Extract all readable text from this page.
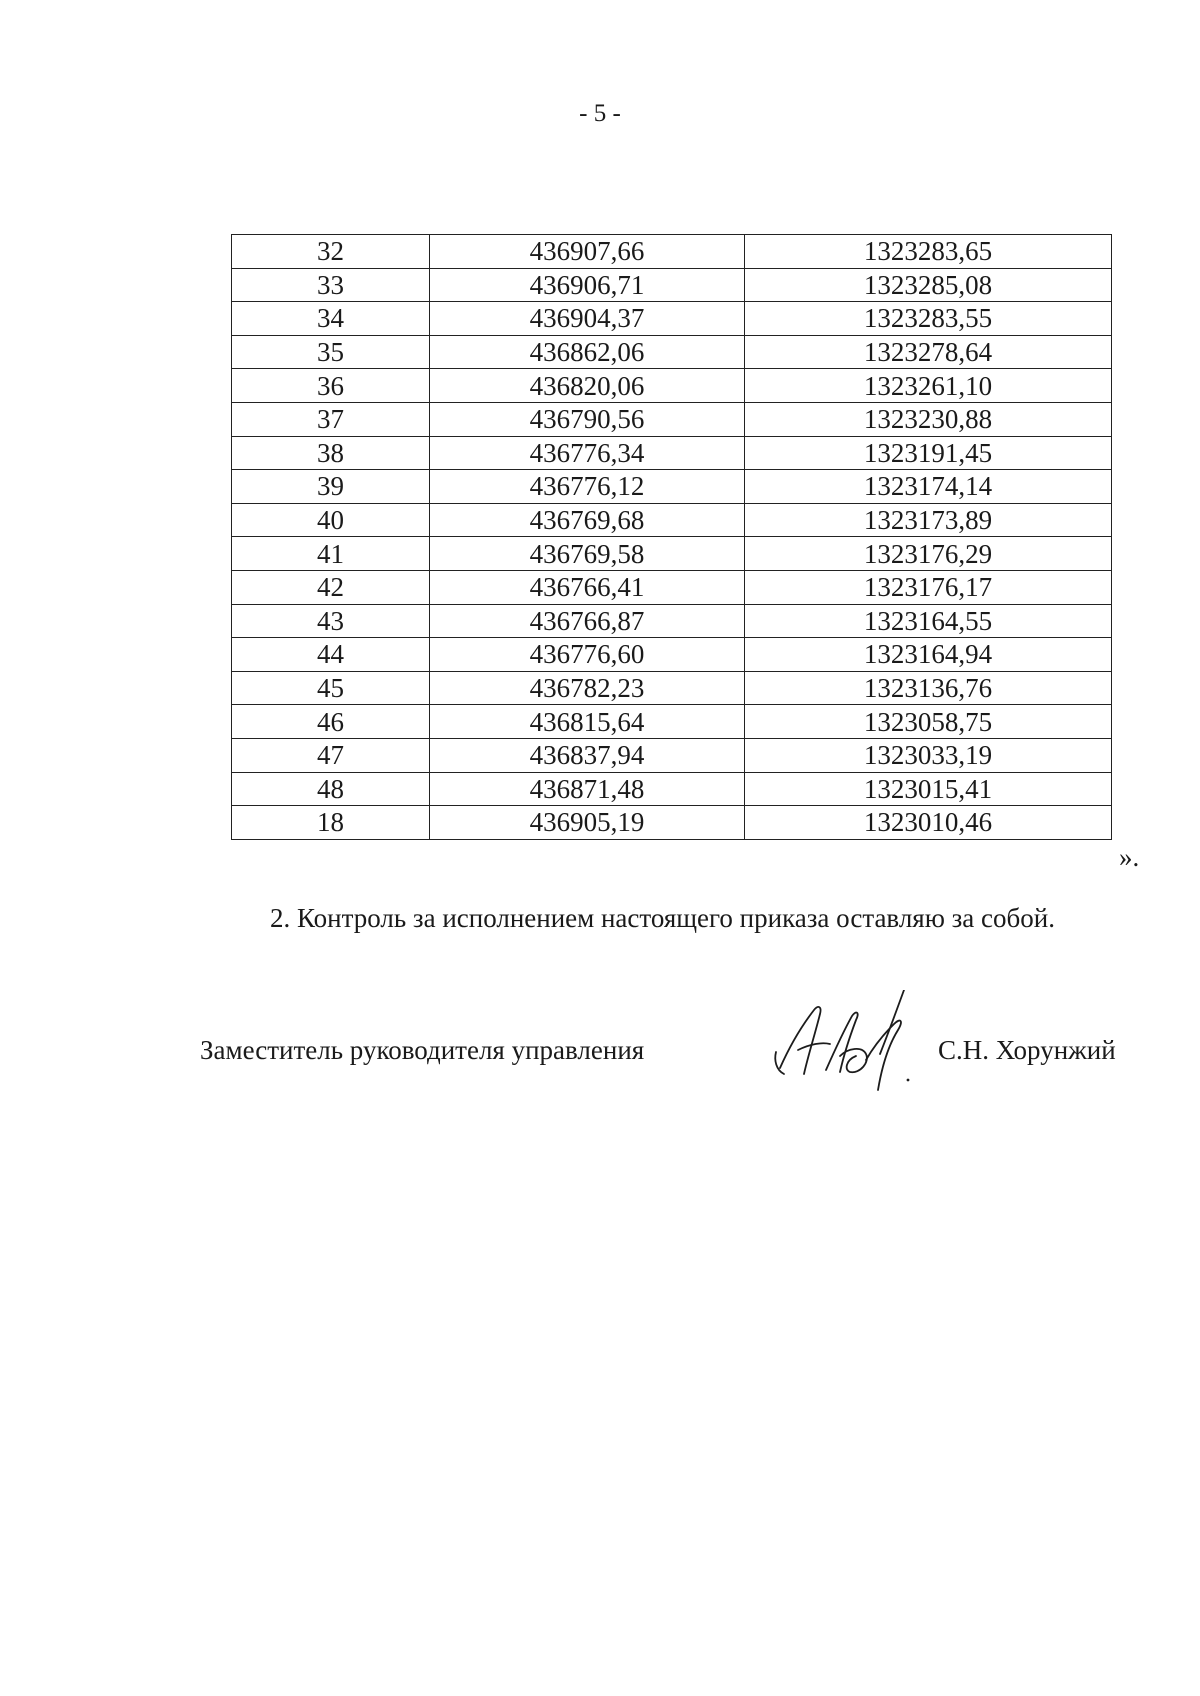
- 5 -
32	436907,66	1323283,65
33	436906,71	1323285,08
34	436904,37	1323283,55
35	436862,06	1323278,64
36	436820,06	1323261,10
37	436790,56	1323230,88
38	436776,34	1323191,45
39	436776,12	1323174,14
40	436769,68	1323173,89
41	436769,58	1323176,29
42	436766,41	1323176,17
43	436766,87	1323164,55
44	436776,60	1323164,94
45	436782,23	1323136,76
46	436815,64	1323058,75
47	436837,94	1323033,19
48	436871,48	1323015,41
18	436905,19	1323010,46
».
2. Контроль за исполнением настоящего приказа оставляю за собой.
Заместитель руководителя управления	С.Н. Хорунжий
